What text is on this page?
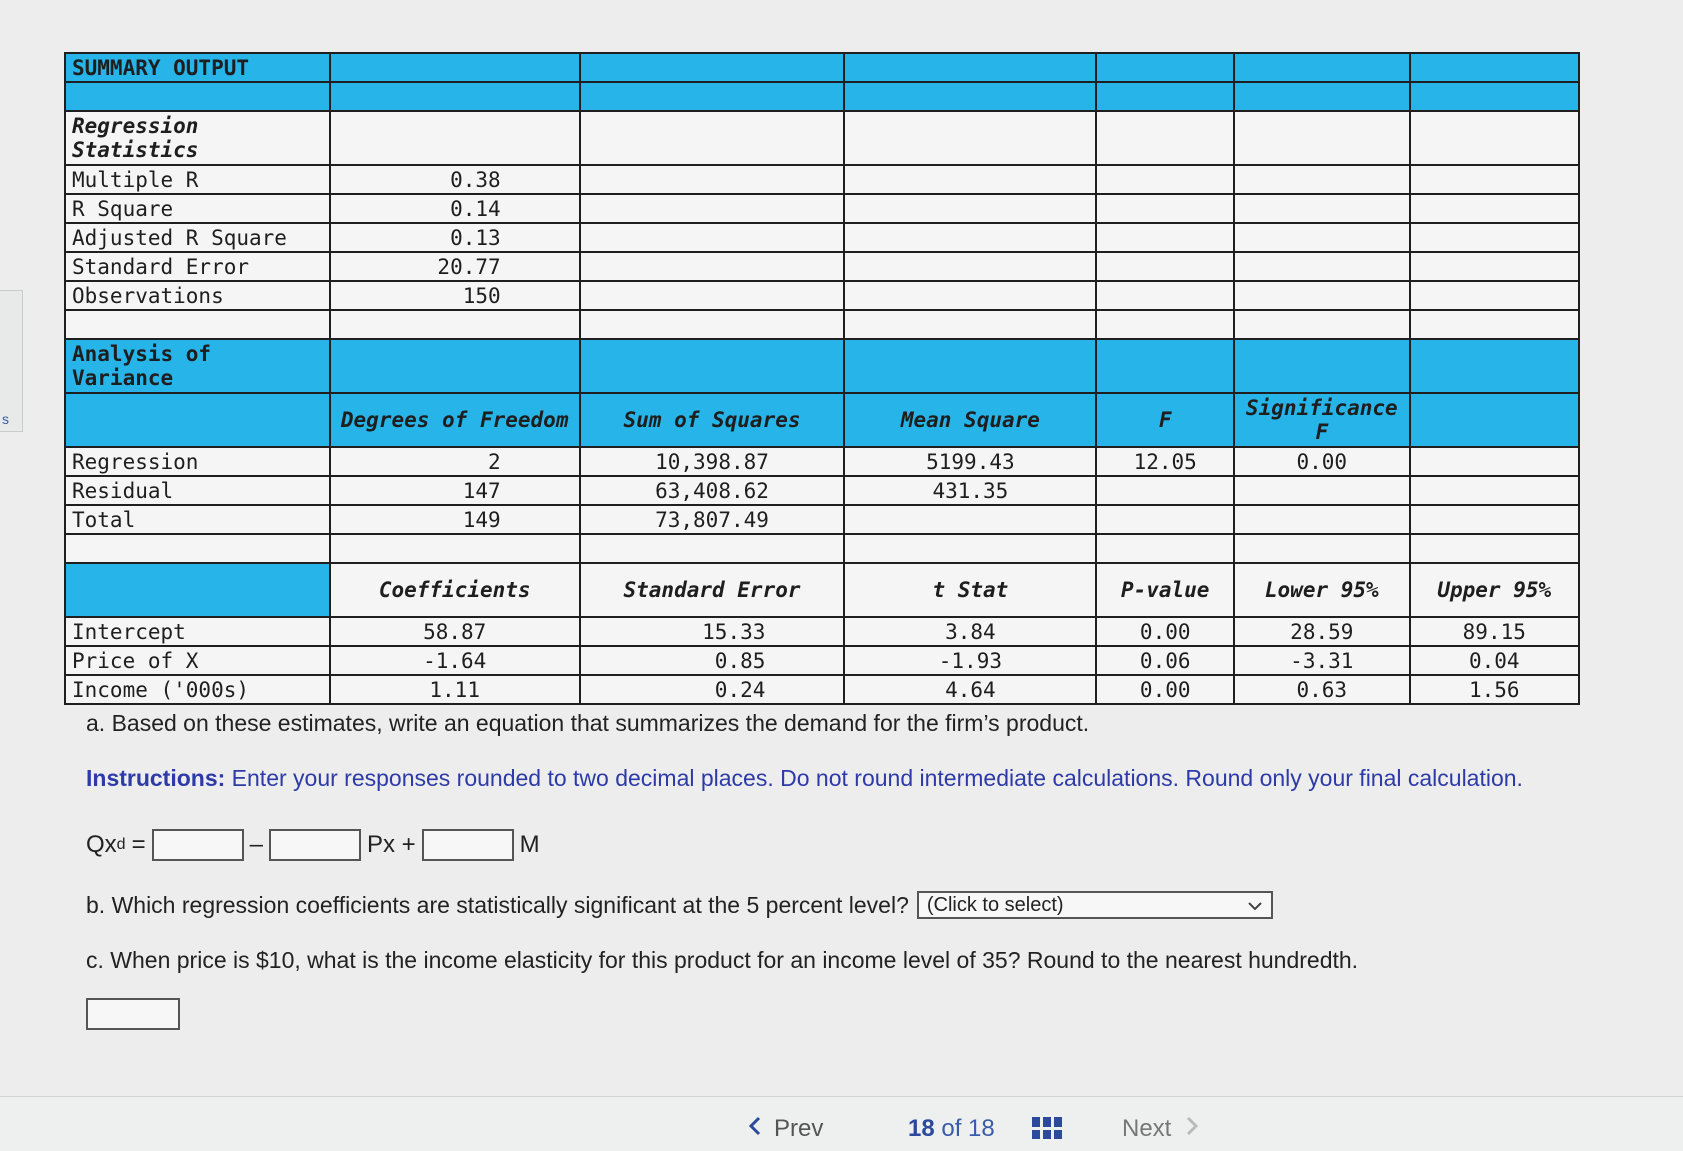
s
SUMMARY OUTPUT						

Regression Statistics						
Multiple R	0.38					
R Square	0.14					
Adjusted R Square	0.13					
Standard Error	20.77					
Observations	150					

Analysis of Variance						
	Degrees of Freedom	Sum of Squares	Mean Square	F	Significance F	
Regression	2	10,398.87	5199.43	12.05	0.00	
Residual	147	63,408.62	431.35			
Total	149	73,807.49				

	Coefficients	Standard Error	t Stat	P-value	Lower 95%	Upper 95%
Intercept	58.87	15.33	3.84	0.00	28.59	89.15
Price of X	-1.64	0.85	-1.93	0.06	-3.31	0.04
Income ('000s)	1.11	0.24	4.64	0.00	0.63	1.56

a. Based on these estimates, write an equation that summarizes the demand for the firm’s product.

Instructions: Enter your responses rounded to two decimal places. Do not round intermediate calculations. Round only your final calculation.
Qx d =	–	Px +	M
b. Which regression coefficients are statistically significant at the 5 percent level? (Click to select)

c. When price is $10, what is the income elasticity for this product for an income level of 35? Round to the nearest hundredth.

Prev	18 of 18	Next
